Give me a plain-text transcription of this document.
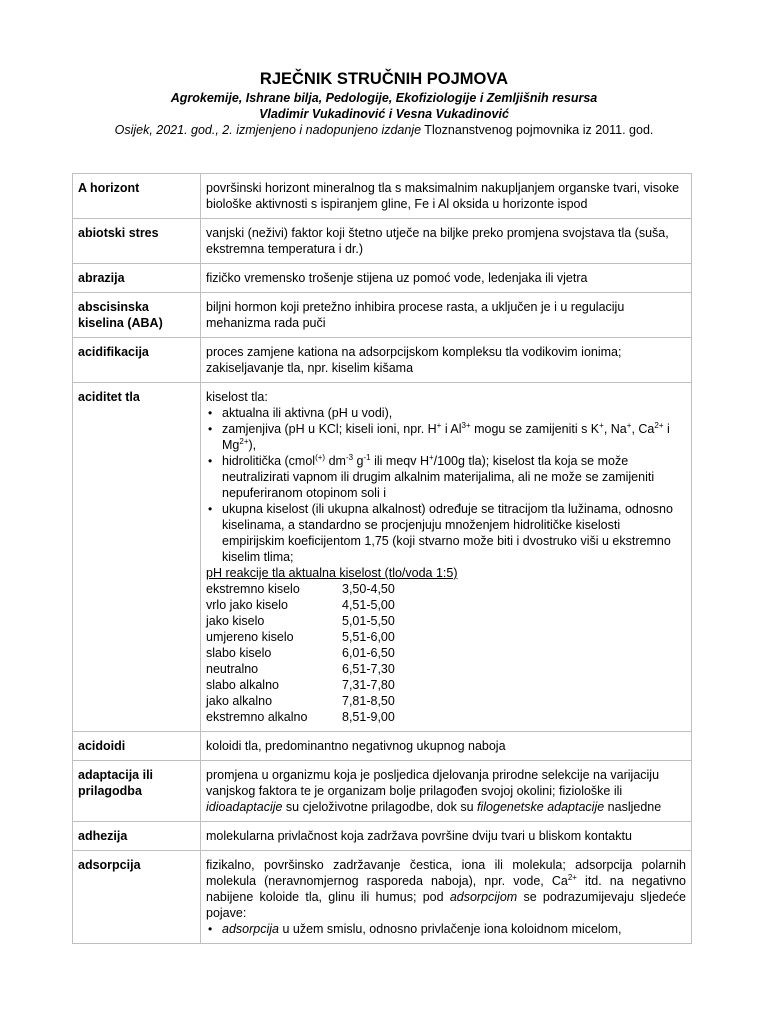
RJEČNIK STRUČNIH POJMOVA
Agrokemije, Ishrane bilja, Pedologije, Ekofiziologije i Zemljišnih resursa
Vladimir Vukadinović i Vesna Vukadinović
Osijek, 2021. god., 2. izmjenjeno i nadopunjeno izdanje Tloznanstvenog pojmovnika iz 2011. god.
A horizont	površinski horizont mineralnog tla s maksimalnim nakupljanjem organske tvari, visoke biološke aktivnosti s ispiranjem gline, Fe i Al oksida u horizonte ispod
abiotski stres	vanjski (neživi) faktor koji štetno utječe na biljke preko promjena svojstava tla (suša, ekstremna temperatura i dr.)
abrazija	fizičko vremensko trošenje stijena uz pomoć vode, ledenjaka ili vjetra
abscisinska kiselina (ABA)	biljni hormon koji pretežno inhibira procese rasta, a uključen je i u regulaciju mehanizma rada puči
acidifikacija	proces zamjene kationa na adsorpcijskom kompleksu tla vodikovim ionima; zakiseljavanje tla, npr. kiselim kišama
aciditet tla	kiselost tla:
• aktualna ili aktivna (pH u vodi),
• zamjenjiva (pH u KCl; kiseli ioni, npr. H+ i $Al^{3+}$ mogu se zamijeniti s K+, Na+, $Ca^{2+}$ i $Mg^{2+}$),
• hidrolitička (cmol(+) $dm^{-3}$ $g^{-1}$ ili meqv H+/100g tla); kiselost tla koja se može neutralizirati vapnom ili drugim alkalnim materijalima, ali ne može se zamijeniti nepuferiranom otopinom soli i
• ukupna kiselost (ili ukupna alkalnost) određuje se titracijom tla lužinama, odnosno kiselinama, a standardno se procjenjuju množenjem hidrolitičke kiselosti empirijskim koeficijentom 1,75 (koji stvarno može biti i dvostruko viši u ekstremno kiselim tlima;
pH reakcije tla aktualna kiselost (tlo/voda 1:5)
ekstremno kiselo	3,50-4,50
vrlo jako kiselo	4,51-5,00
jako kiselo	5,01-5,50
umjereno kiselo	5,51-6,00
slabo kiselo	6,01-6,50
neutralno	6,51-7,30
slabo alkalno	7,31-7,80
jako alkalno	7,81-8,50
ekstremno alkalno	8,51-9,00

acidoidi	koloidi tla, predominantno negativnog ukupnog naboja
adaptacija ili prilagodba	promjena u organizmu koja je posljedica djelovanja prirodne selekcije na varijaciju vanjskog faktora te je organizam bolje prilagođen svojoj okolini; fiziološke ili idioadaptacije su cjeloživotne prilagodbe, dok su filogenetske adaptacije nasljedne
adhezija	molekularna privlačnost koja zadržava površine dviju tvari u bliskom kontaktu
adsorpcija	fizikalno, površinsko zadržavanje čestica, iona ili molekula; adsorpcija polarnih molekula (neravnomjernog rasporeda naboja), npr. vode, $Ca^{2+}$ itd. na negativno nabijene koloide tla, glinu ili humus; pod adsorpcijom se podrazumijevaju sljedeće pojave:
• adsorpcija u užem smislu, odnosno privlačenje iona koloidnom micelom,
